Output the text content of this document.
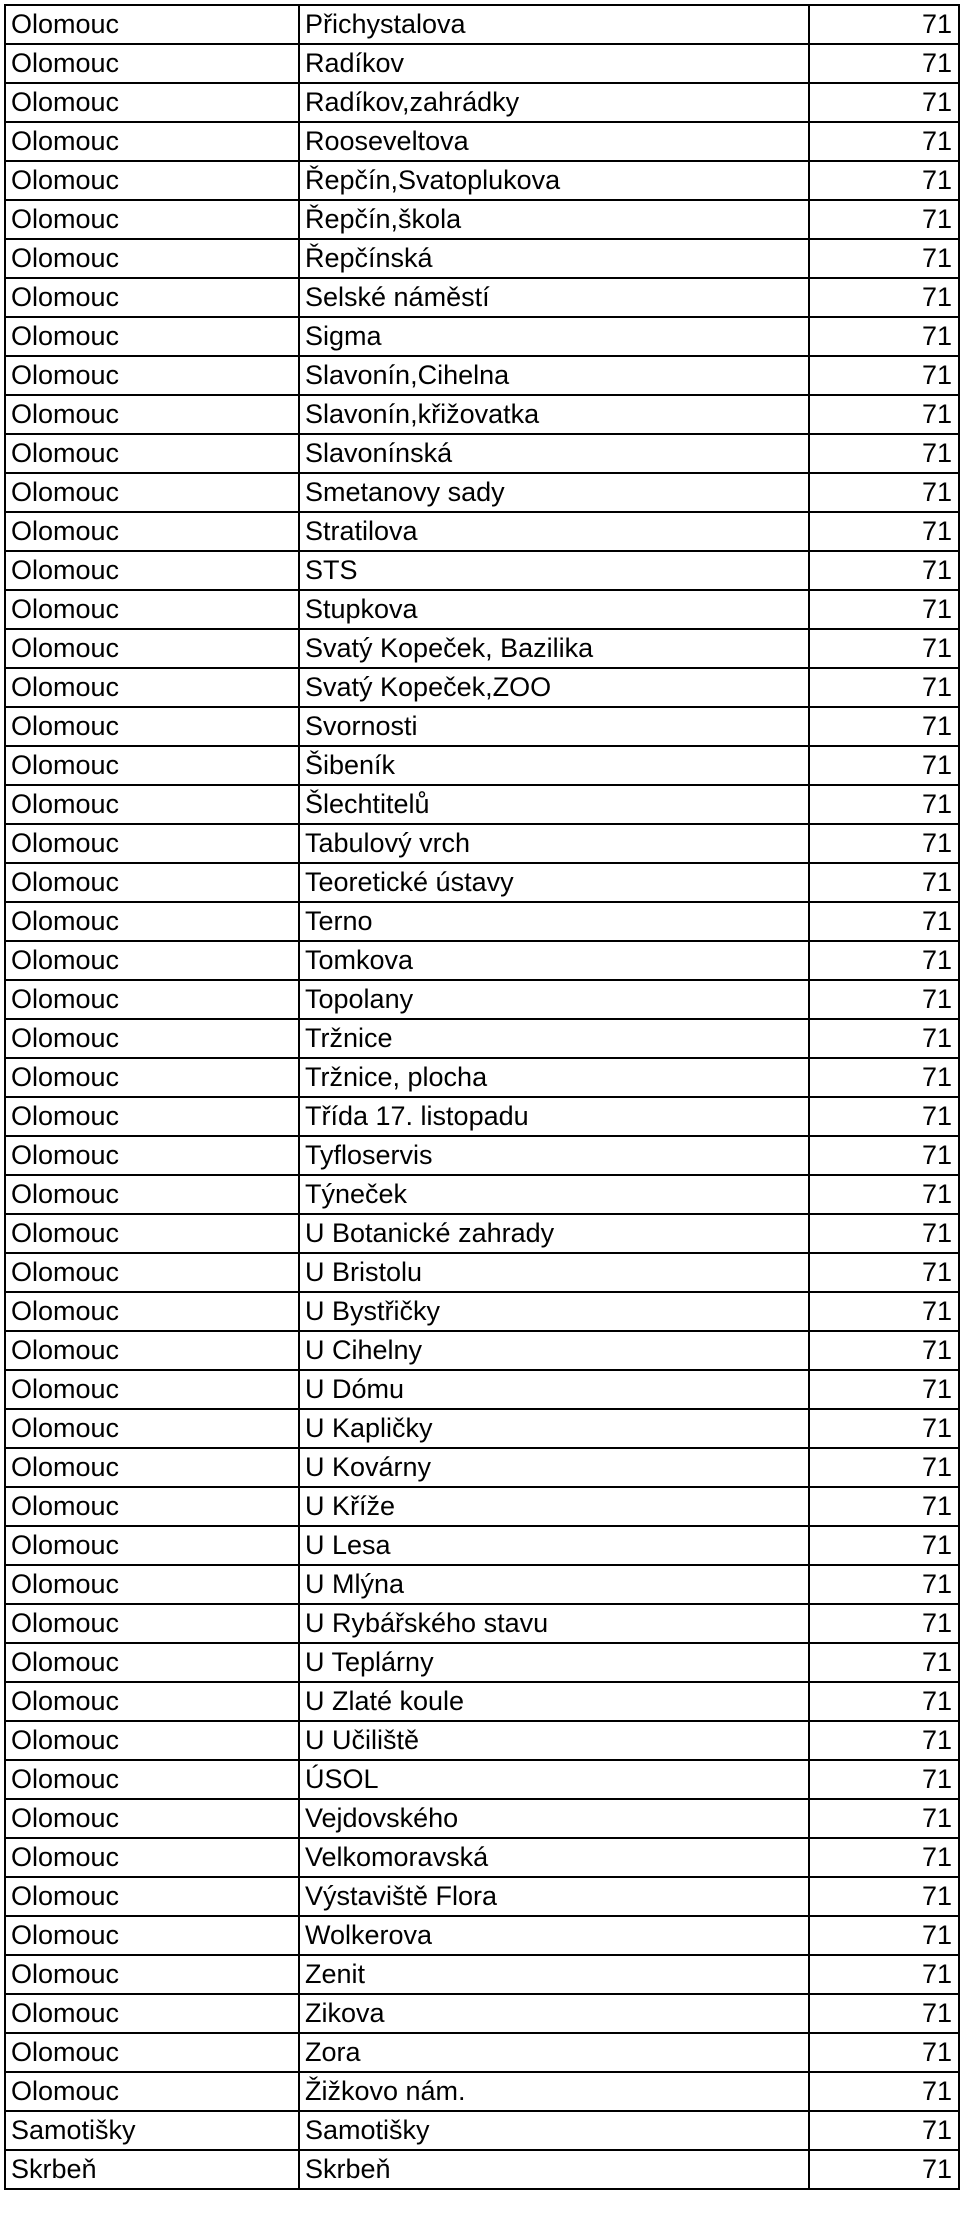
Olomouc	Přichystalova	71
Olomouc	Radíkov	71
Olomouc	Radíkov,zahrádky	71
Olomouc	Rooseveltova	71
Olomouc	Řepčín,Svatoplukova	71
Olomouc	Řepčín,škola	71
Olomouc	Řepčínská	71
Olomouc	Selské náměstí	71
Olomouc	Sigma	71
Olomouc	Slavonín,Cihelna	71
Olomouc	Slavonín,křižovatka	71
Olomouc	Slavonínská	71
Olomouc	Smetanovy sady	71
Olomouc	Stratilova	71
Olomouc	STS	71
Olomouc	Stupkova	71
Olomouc	Svatý Kopeček, Bazilika	71
Olomouc	Svatý Kopeček,ZOO	71
Olomouc	Svornosti	71
Olomouc	Šibeník	71
Olomouc	Šlechtitelů	71
Olomouc	Tabulový vrch	71
Olomouc	Teoretické ústavy	71
Olomouc	Terno	71
Olomouc	Tomkova	71
Olomouc	Topolany	71
Olomouc	Tržnice	71
Olomouc	Tržnice, plocha	71
Olomouc	Třída 17. listopadu	71
Olomouc	Tyfloservis	71
Olomouc	Týneček	71
Olomouc	U Botanické zahrady	71
Olomouc	U Bristolu	71
Olomouc	U Bystřičky	71
Olomouc	U Cihelny	71
Olomouc	U Dómu	71
Olomouc	U Kapličky	71
Olomouc	U Kovárny	71
Olomouc	U Kříže	71
Olomouc	U Lesa	71
Olomouc	U Mlýna	71
Olomouc	U Rybářského stavu	71
Olomouc	U Teplárny	71
Olomouc	U Zlaté koule	71
Olomouc	U Učiliště	71
Olomouc	ÚSOL	71
Olomouc	Vejdovského	71
Olomouc	Velkomoravská	71
Olomouc	Výstaviště Flora	71
Olomouc	Wolkerova	71
Olomouc	Zenit	71
Olomouc	Zikova	71
Olomouc	Zora	71
Olomouc	Žižkovo nám.	71
Samotišky	Samotišky	71
Skrbeň	Skrbeň	71
